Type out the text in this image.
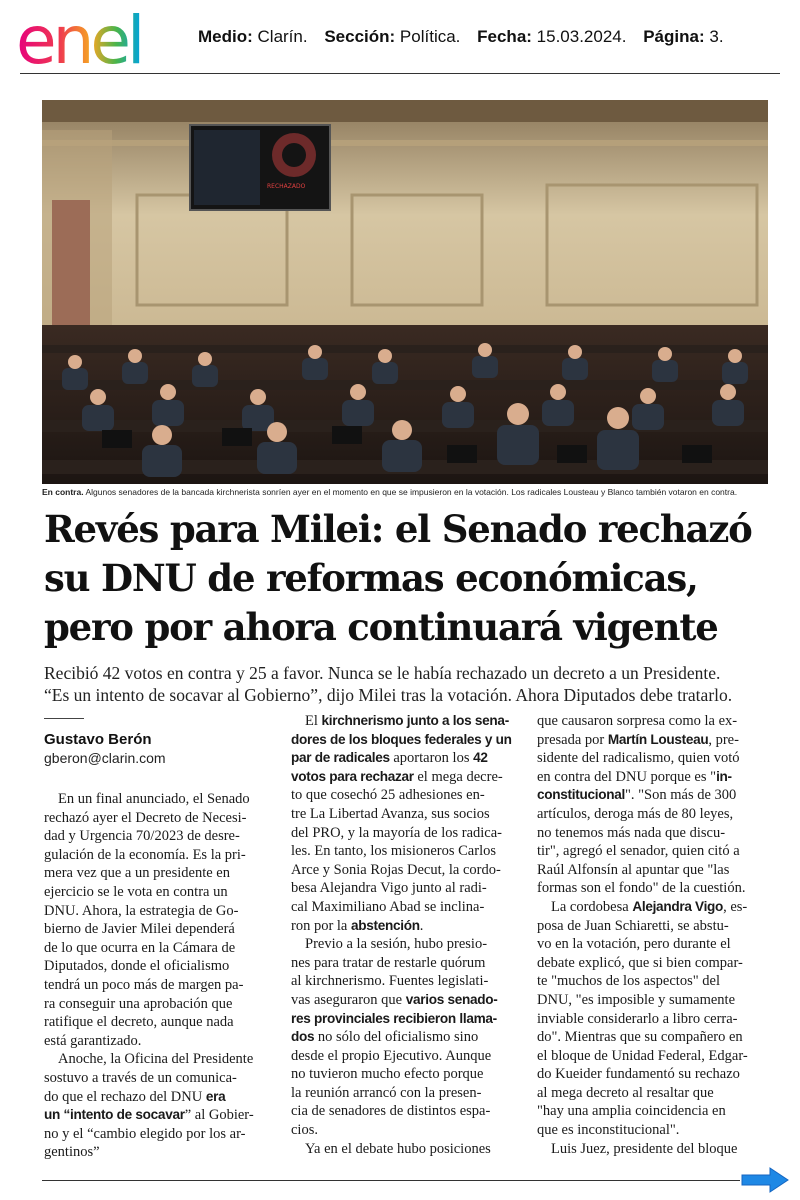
enel	Medio: Clarín. Sección: Política. Fecha: 15.03.2024. Página: 3.
RECHAZADO
En contra. Algunos senadores de la bancada kirchnerista sonríen ayer en el momento en que se impusieron en la votación. Los radicales Lousteau y Blanco también votaron en contra.
Revés para Milei: el Senado rechazó
su DNU de reformas económicas,
pero por ahora continuará vigente
Recibió 42 votos en contra y 25 a favor. Nunca se le había rechazado un decreto a un Presidente.
“Es un intento de socavar al Gobierno”, dijo Milei tras la votación. Ahora Diputados debe tratarlo.
Gustavo Berón
gberon@clarin.com
En un final anunciado, el Senado
rechazó ayer el Decreto de Necesi-
dad y Urgencia 70/2023 de desre-
gulación de la economía. Es la pri-
mera vez que a un presidente en
ejercicio se le vota en contra un
DNU. Ahora, la estrategia de Go-
bierno de Javier Milei dependerá
de lo que ocurra en la Cámara de
Diputados, donde el oficialismo
tendrá un poco más de margen pa-
ra conseguir una aprobación que
ratifique el decreto, aunque nada
está garantizado.
Anoche, la Oficina del Presidente
sostuvo a través de un comunica-
do que el rechazo del DNU era
un “intento de socavar” al Gobier-
no y el “cambio elegido por los ar-
gentinos”
El kirchnerismo junto a los sena-
dores de los bloques federales y un
par de radicales aportaron los 42
votos para rechazar el mega decre-
to que cosechó 25 adhesiones en-
tre La Libertad Avanza, sus socios
del PRO, y la mayoría de los radica-
les. En tanto, los misioneros Carlos
Arce y Sonia Rojas Decut, la cordo-
besa Alejandra Vigo junto al radi-
cal Maximiliano Abad se inclina-
ron por la abstención.
Previo a la sesión, hubo presio-
nes para tratar de restarle quórum
al kirchnerismo. Fuentes legislati-
vas aseguraron que varios senado-
res provinciales recibieron llama-
dos no sólo del oficialismo sino
desde el propio Ejecutivo. Aunque
no tuvieron mucho efecto porque
la reunión arrancó con la presen-
cia de senadores de distintos espa-
cios.
Ya en el debate hubo posiciones
que causaron sorpresa como la ex-
presada por Martín Lousteau, pre-
sidente del radicalismo, quien votó
en contra del DNU porque es "in-
constitucional". "Son más de 300
artículos, deroga más de 80 leyes,
no tenemos más nada que discu-
tir", agregó el senador, quien citó a
Raúl Alfonsín al apuntar que "las
formas son el fondo" de la cuestión.
La cordobesa Alejandra Vigo, es-
posa de Juan Schiaretti, se abstu-
vo en la votación, pero durante el
debate explicó, que si bien compar-
te "muchos de los aspectos" del
DNU, "es imposible y sumamente
inviable considerarlo a libro cerra-
do". Mientras que su compañero en
el bloque de Unidad Federal, Edgar-
do Kueider fundamentó su rechazo
al mega decreto al resaltar que
"hay una amplia coincidencia en
que es inconstitucional".
Luis Juez, presidente del bloque
